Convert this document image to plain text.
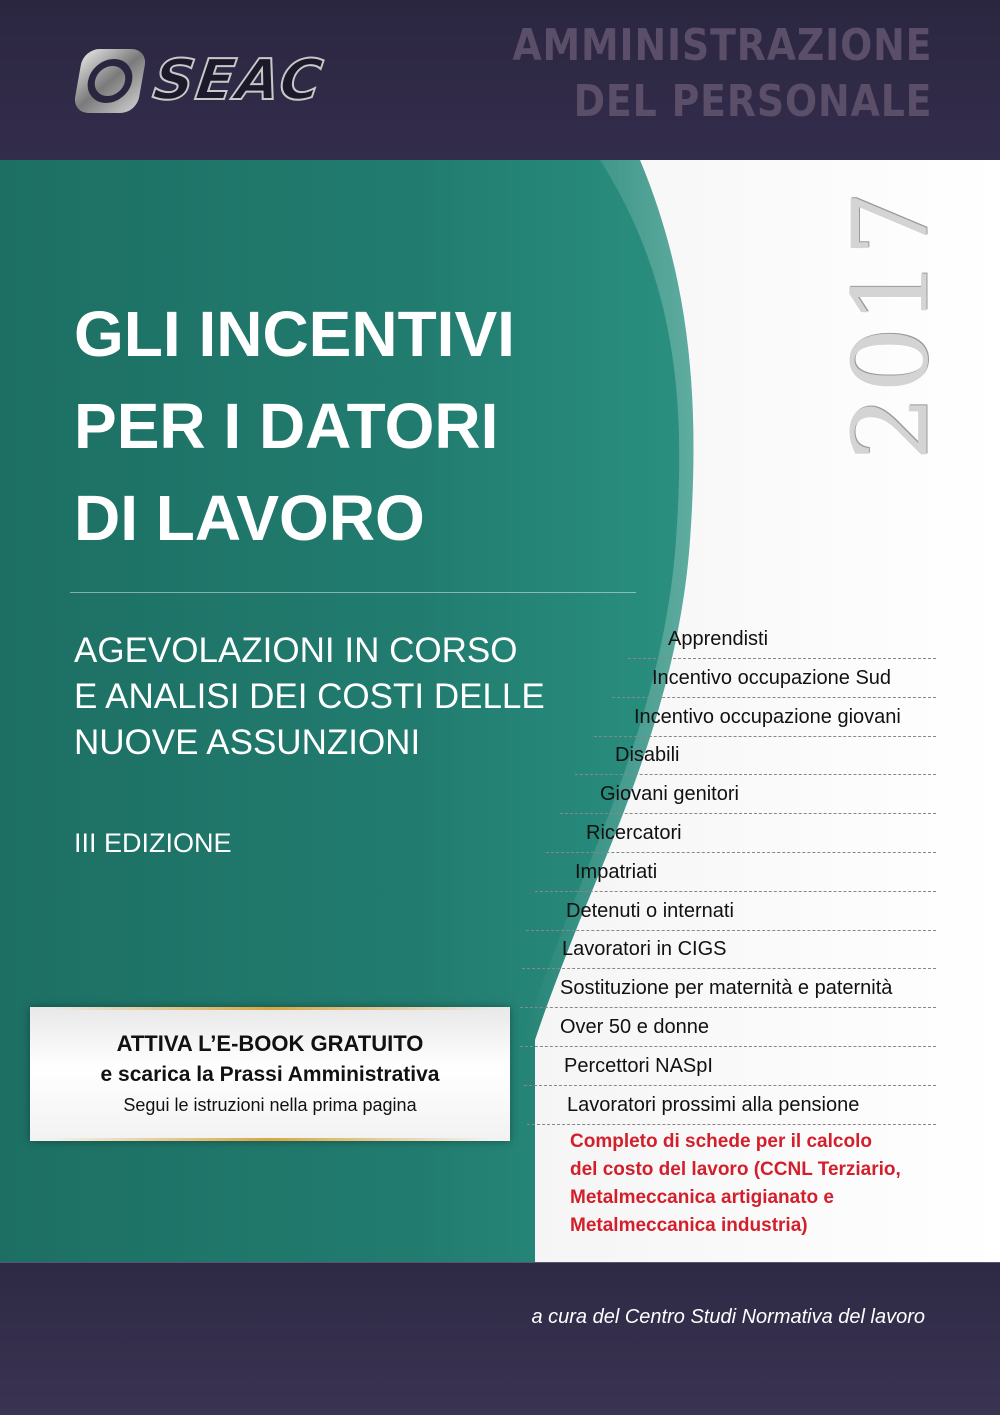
SEAC
AMMINISTRAZIONE
DEL PERSONALE
2017
GLI INCENTIVI
PER I DATORI
DI LAVORO
AGEVOLAZIONI IN CORSO
E ANALISI DEI COSTI DELLE
NUOVE ASSUNZIONI
III EDIZIONE
ATTIVA L’E-BOOK GRATUITO
e scarica la Prassi Amministrativa
Segui le istruzioni nella prima pagina
Apprendisti
Incentivo occupazione Sud
Incentivo occupazione giovani
Disabili
Giovani genitori
Ricercatori
Impatriati
Detenuti o internati
Lavoratori in CIGS
Sostituzione per maternità e paternità
Over 50 e donne
Percettori NASpI
Lavoratori prossimi alla pensione
Completo di schede per il calcolo
del costo del lavoro (CCNL Terziario,
Metalmeccanica artigianato e
Metalmeccanica industria)
a cura del Centro Studi Normativa del lavoro
